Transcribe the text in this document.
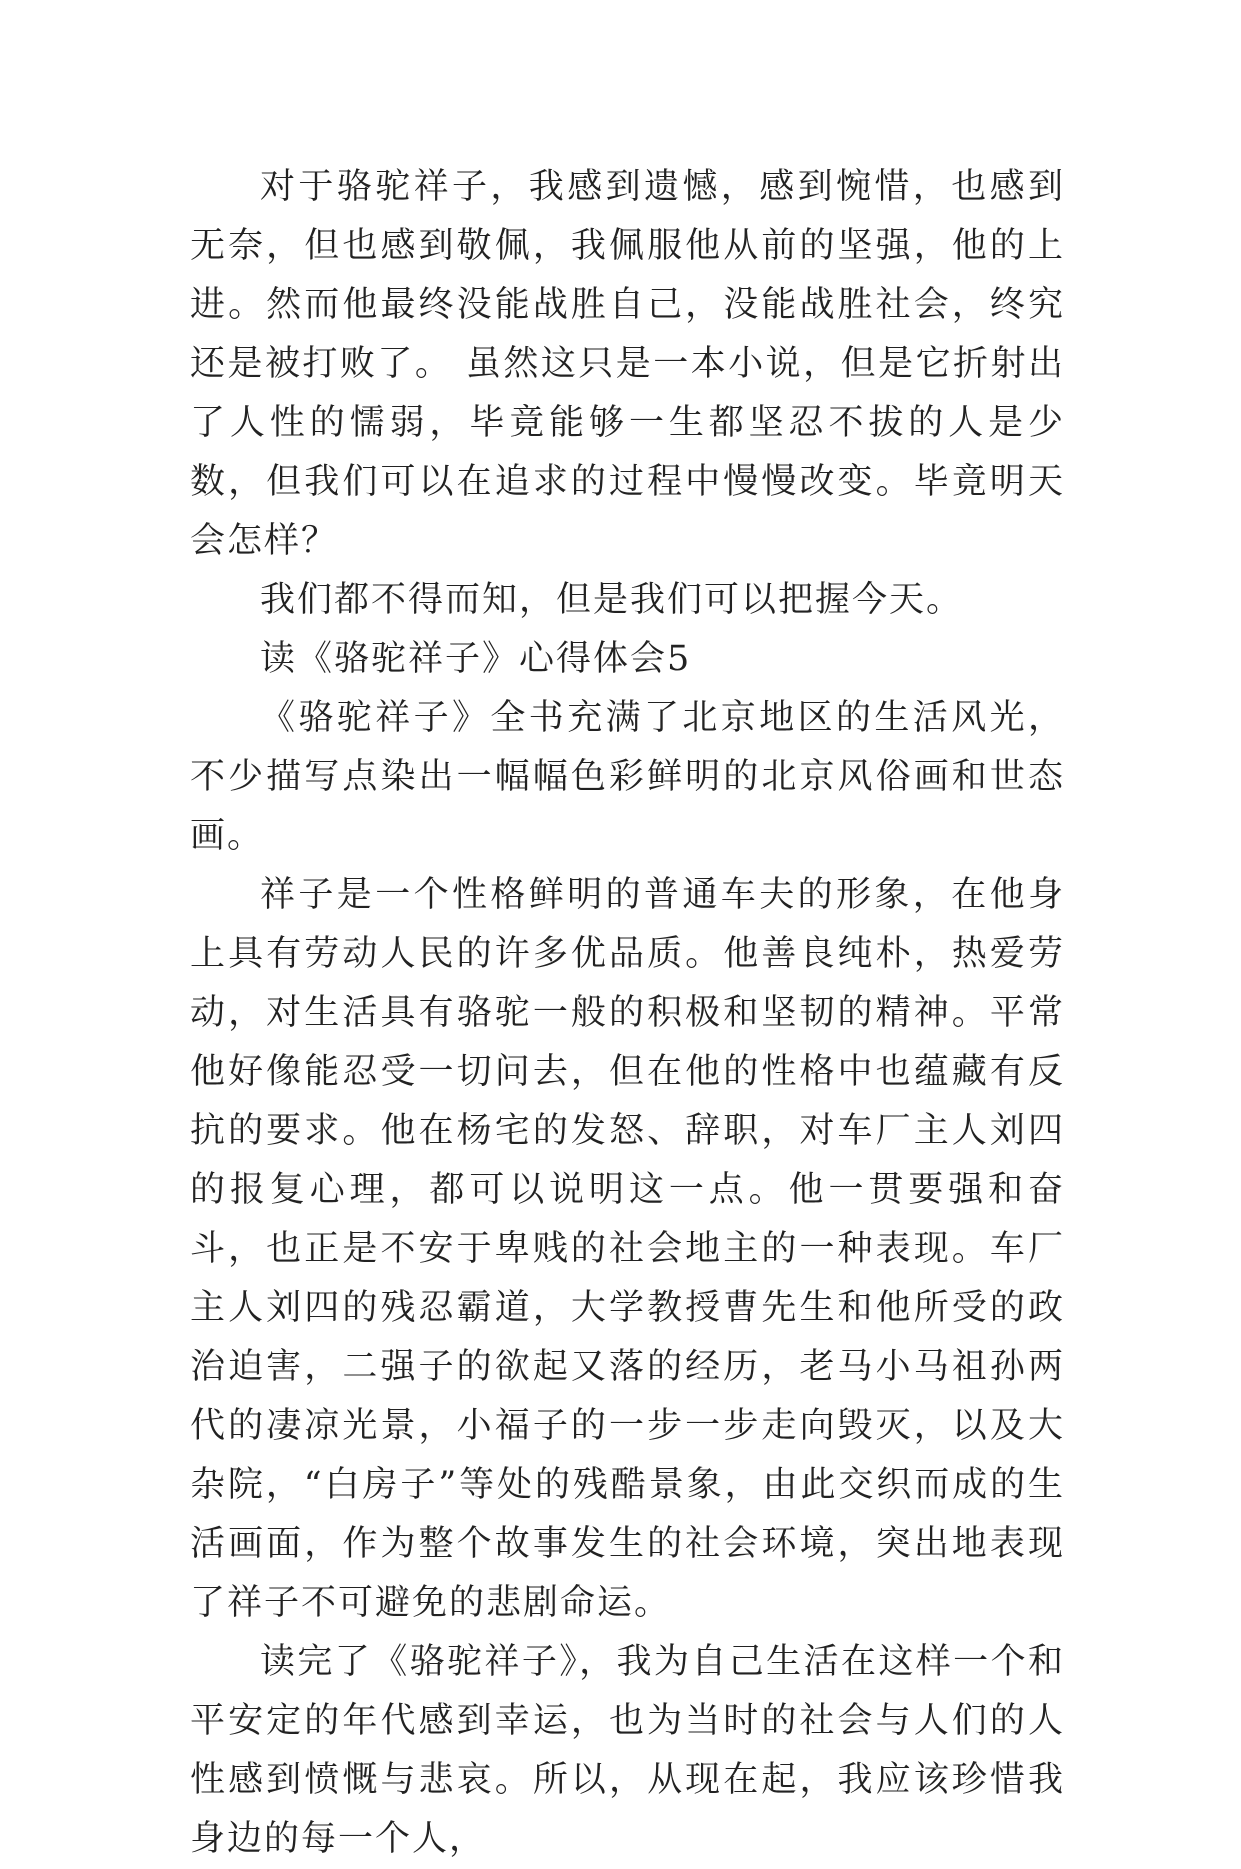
对于骆驼祥子，我感到遗憾，感到惋惜，也感到无奈，但也感到敬佩，我佩服他从前的坚强，他的上进。然而他最终没能战胜自己，没能战胜社会，终究还是被打败了。 虽然这只是一本小说，但是它折射出了人性的懦弱，毕竟能够一生都坚忍不拔的人是少数，但我们可以在追求的过程中慢慢改变。毕竟明天会怎样？

我们都不得而知，但是我们可以把握今天。

读《骆驼祥子》心得体会5

《骆驼祥子》全书充满了北京地区的生活风光，不少描写点染出一幅幅色彩鲜明的北京风俗画和世态画。

祥子是一个性格鲜明的普通车夫的形象，在他身上具有劳动人民的许多优品质。他善良纯朴，热爱劳动，对生活具有骆驼一般的积极和坚韧的精神。平常他好像能忍受一切问去，但在他的性格中也蕴藏有反抗的要求。他在杨宅的发怒、辞职，对车厂主人刘四的报复心理，都可以说明这一点。他一贯要强和奋斗，也正是不安于卑贱的社会地主的一种表现。车厂主人刘四的残忍霸道，大学教授曹先生和他所受的政治迫害，二强子的欲起又落的经历，老马小马祖孙两代的凄凉光景，小福子的一步一步走向毁灭，以及大杂院，“白房子”等处的残酷景象，由此交织而成的生活画面，作为整个故事发生的社会环境，突出地表现了祥子不可避免的悲剧命运。

读完了《骆驼祥子》，我为自己生活在这样一个和平安定的年代感到幸运，也为当时的社会与人们的人性感到愤慨与悲哀。所以，从现在起，我应该珍惜我身边的每一个人，
